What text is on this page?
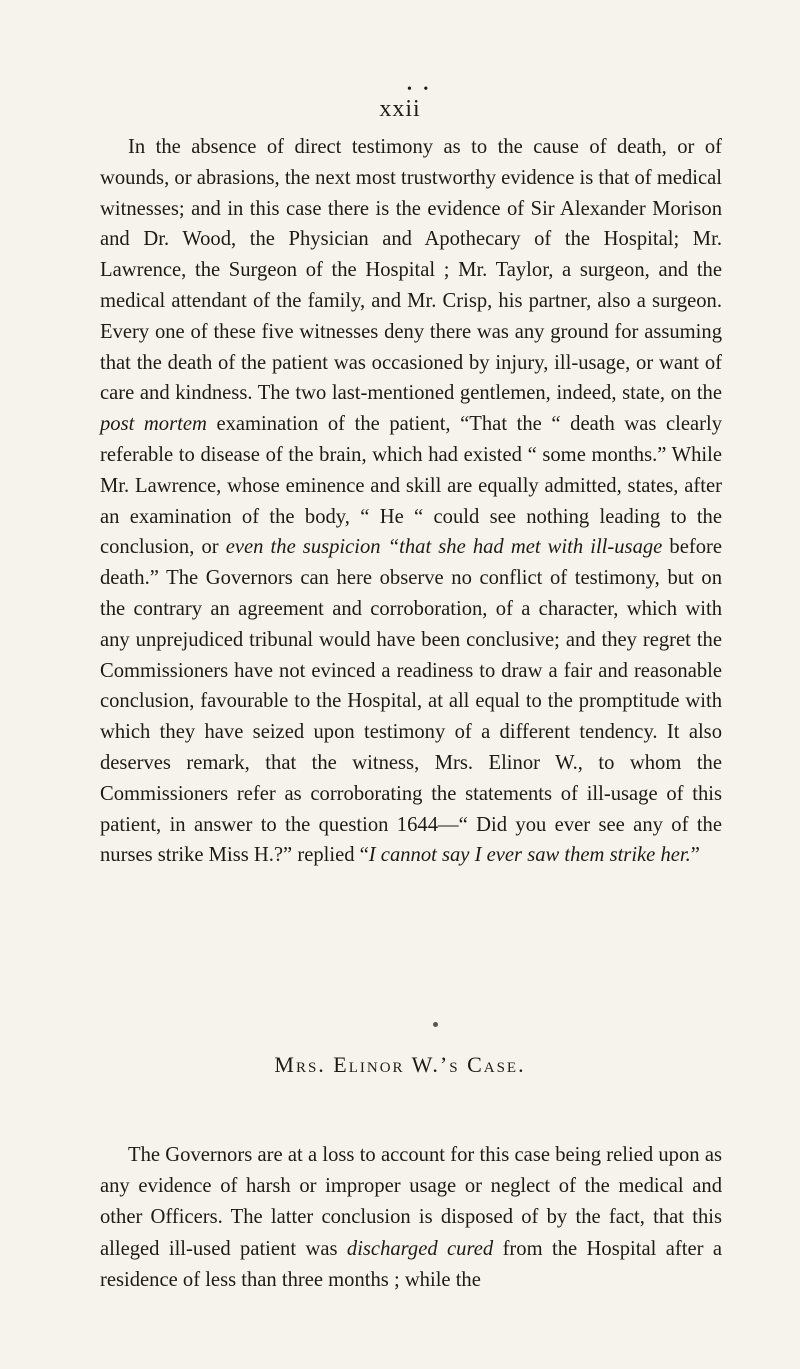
• •
xxii
In the absence of direct testimony as to the cause of death, or of wounds, or abrasions, the next most trustworthy evidence is that of medical witnesses; and in this case there is the evidence of Sir Alexander Morison and Dr. Wood, the Physician and Apothecary of the Hospital; Mr. Lawrence, the Surgeon of the Hospital ; Mr. Taylor, a surgeon, and the medical attendant of the family, and Mr. Crisp, his partner, also a surgeon. Every one of these five witnesses deny there was any ground for assuming that the death of the patient was occasioned by injury, ill-usage, or want of care and kindness. The two last-mentioned gentlemen, indeed, state, on the post mortem examination of the patient, “That the “ death was clearly referable to disease of the brain, which had existed “ some months.” While Mr. Lawrence, whose eminence and skill are equally admitted, states, after an examination of the body, “ He “ could see nothing leading to the conclusion, or even the suspicion “that she had met with ill-usage before death.” The Governors can here observe no conflict of testimony, but on the contrary an agreement and corroboration, of a character, which with any unprejudiced tribunal would have been conclusive; and they regret the Commissioners have not evinced a readiness to draw a fair and reasonable conclusion, favourable to the Hospital, at all equal to the promptitude with which they have seized upon testimony of a different tendency. It also deserves remark, that the witness, Mrs. Elinor W., to whom the Commissioners refer as corroborating the statements of ill-usage of this patient, in answer to the question 1644—“ Did you ever see any of the nurses strike Miss H.?” replied “I cannot say I ever saw them strike her.”
Mrs. Elinor W.’s Case.
The Governors are at a loss to account for this case being relied upon as any evidence of harsh or improper usage or neglect of the medical and other Officers. The latter conclusion is disposed of by the fact, that this alleged ill-used patient was discharged cured from the Hospital after a residence of less than three months ; while the
